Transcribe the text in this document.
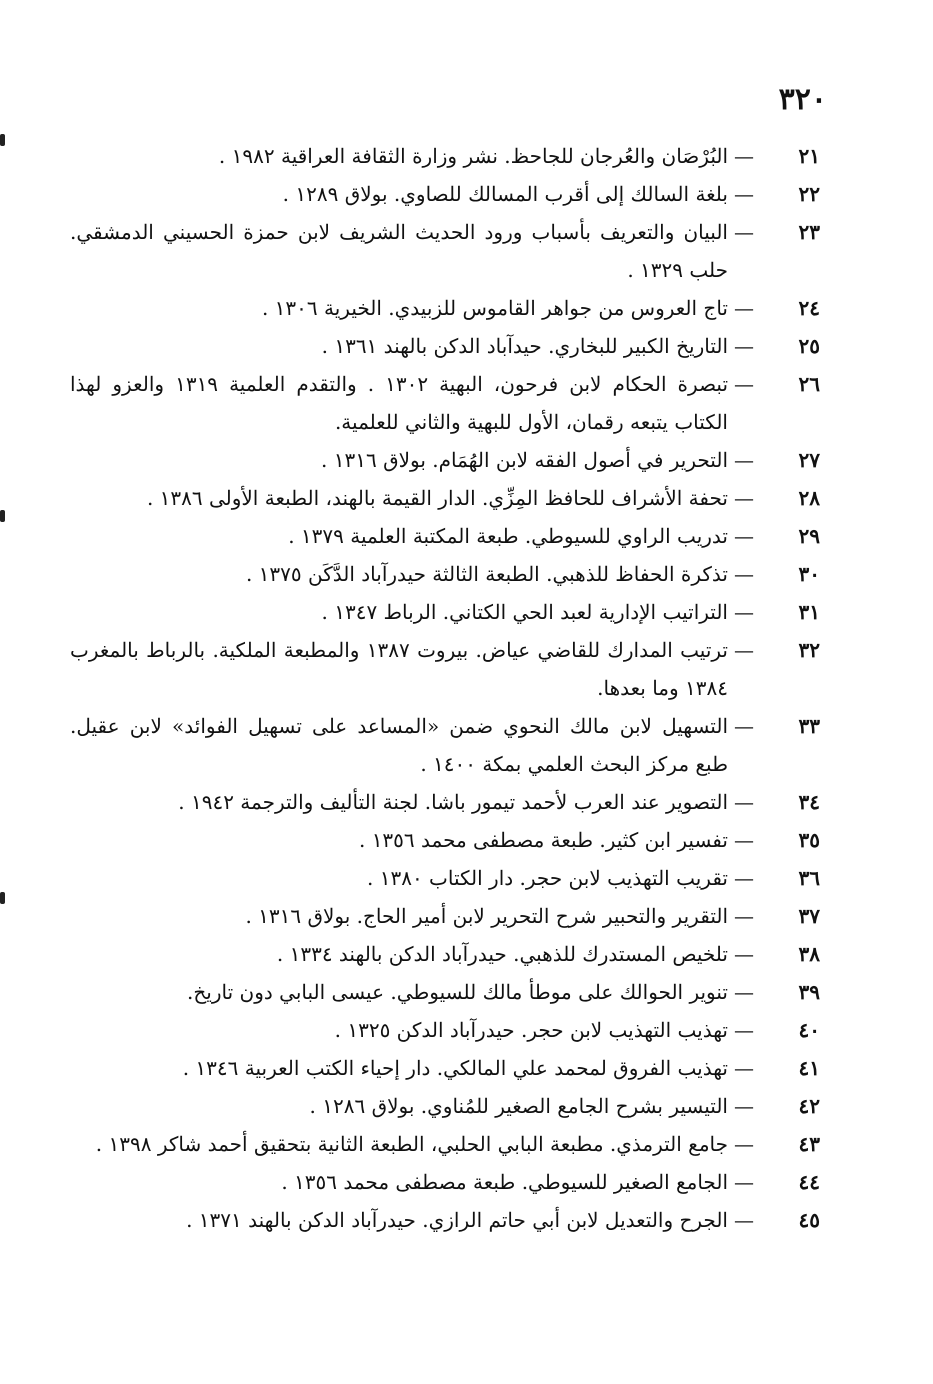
٣٢٠
٢١
—
البُرْصَان والعُرجان للجاحظ. نشر وزارة الثقافة العراقية ١٩٨٢ .
٢٢
—
بلغة السالك إلى أقرب المسالك للصاوي. بولاق ١٢٨٩ .
٢٣
—
البيان والتعريف بأسباب ورود الحديث الشريف لابن حمزة الحسيني الدمشقي. حلب ١٣٢٩ .
٢٤
—
تاج العروس من جواهر القاموس للزبيدي. الخيرية ١٣٠٦ .
٢٥
—
التاريخ الكبير للبخاري. حيدآباد الدكن بالهند ١٣٦١ .
٢٦
—
تبصرة الحكام لابن فرحون، البهية ١٣٠٢ . والتقدم العلمية ١٣١٩ والعزو لهذا الكتاب يتبعه رقمان، الأول للبهية والثاني للعلمية.
٢٧
—
التحرير في أصول الفقه لابن الهُمَام. بولاق ١٣١٦ .
٢٨
—
تحفة الأشراف للحافظ المِزِّي. الدار القيمة بالهند، الطبعة الأولى ١٣٨٦ .
٢٩
—
تدريب الراوي للسيوطي. طبعة المكتبة العلمية ١٣٧٩ .
٣٠
—
تذكرة الحفاظ للذهبي. الطبعة الثالثة حيدرآباد الدَّكَن ١٣٧٥ .
٣١
—
التراتيب الإدارية لعبد الحي الكتاني. الرباط ١٣٤٧ .
٣٢
—
ترتيب المدارك للقاضي عياض. بيروت ١٣٨٧ والمطبعة الملكية. بالرباط بالمغرب ١٣٨٤ وما بعدها.
٣٣
—
التسهيل لابن مالك النحوي ضمن «المساعد على تسهيل الفوائد» لابن عقيل. طبع مركز البحث العلمي بمكة ١٤٠٠ .
٣٤
—
التصوير عند العرب لأحمد تيمور باشا. لجنة التأليف والترجمة ١٩٤٢ .
٣٥
—
تفسير ابن كثير. طبعة مصطفى محمد ١٣٥٦ .
٣٦
—
تقريب التهذيب لابن حجر. دار الكتاب ١٣٨٠ .
٣٧
—
التقرير والتحبير شرح التحرير لابن أمير الحاج. بولاق ١٣١٦ .
٣٨
—
تلخيص المستدرك للذهبي. حيدرآباد الدكن بالهند ١٣٣٤ .
٣٩
—
تنوير الحوالك على موطأ مالك للسيوطي. عيسى البابي دون تاريخ.
٤٠
—
تهذيب التهذيب لابن حجر. حيدرآباد الدكن ١٣٢٥ .
٤١
—
تهذيب الفروق لمحمد علي المالكي. دار إحياء الكتب العربية ١٣٤٦ .
٤٢
—
التيسير بشرح الجامع الصغير للمُناوي. بولاق ١٢٨٦ .
٤٣
—
جامع الترمذي. مطبعة البابي الحلبي، الطبعة الثانية بتحقيق أحمد شاكر ١٣٩٨ .
٤٤
—
الجامع الصغير للسيوطي. طبعة مصطفى محمد ١٣٥٦ .
٤٥
—
الجرح والتعديل لابن أبي حاتم الرازي. حيدرآباد الدكن بالهند ١٣٧١ .
